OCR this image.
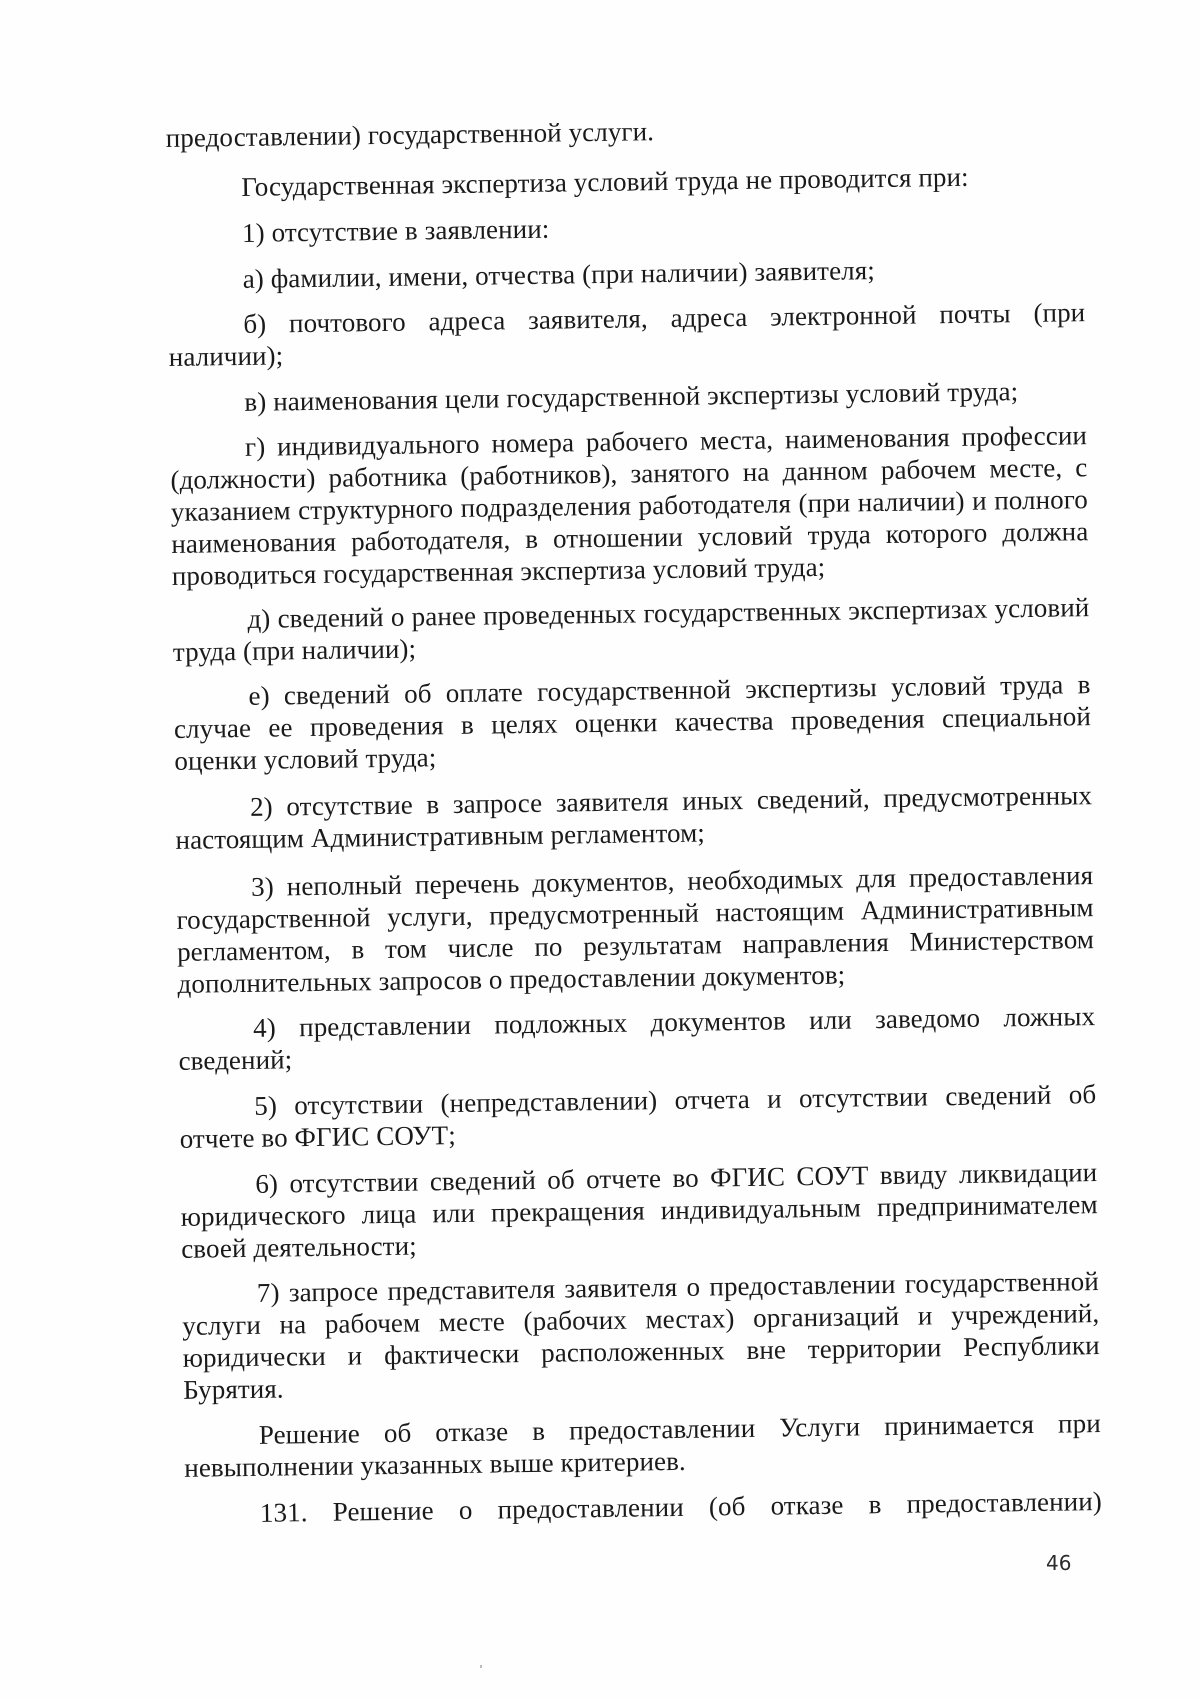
предоставлении) государственной услуги.

Государственная экспертиза условий труда не проводится при:

1) отсутствие в заявлении:

а) фамилии, имени, отчества (при наличии) заявителя;

б) почтового адреса заявителя, адреса электронной почты (при наличии);

в) наименования цели государственной экспертизы условий труда;

г) индивидуального номера рабочего места, наименования профессии (должности) работника (работников), занятого на данном рабочем месте, с указанием структурного подразделения работодателя (при наличии) и полного наименования работодателя, в отношении условий труда которого должна проводиться государственная экспертиза условий труда;

д) сведений о ранее проведенных государственных экспертизах условий труда (при наличии);

е) сведений об оплате государственной экспертизы условий труда в случае ее проведения в целях оценки качества проведения специальной оценки условий труда;

2) отсутствие в запросе заявителя иных сведений, предусмотренных настоящим Административным регламентом;

3) неполный перечень документов, необходимых для предоставления государственной услуги, предусмотренный настоящим Административным регламентом, в том числе по результатам направления Министерством дополнительных запросов о предоставлении документов;

4) представлении подложных документов или заведомо ложных сведений;

5) отсутствии (непредставлении) отчета и отсутствии сведений об отчете во ФГИС СОУТ;

6) отсутствии сведений об отчете во ФГИС СОУТ ввиду ликвидации юридического лица или прекращения индивидуальным предпринимателем своей деятельности;

7) запросе представителя заявителя о предоставлении государственной услуги на рабочем месте (рабочих местах) организаций и учреждений, юридически и фактически расположенных вне территории Республики Бурятия.

Решение об отказе в предоставлении Услуги принимается при невыполнении указанных выше критериев.

131. Решение о предоставлении (об отказе в предоставлении)

46
